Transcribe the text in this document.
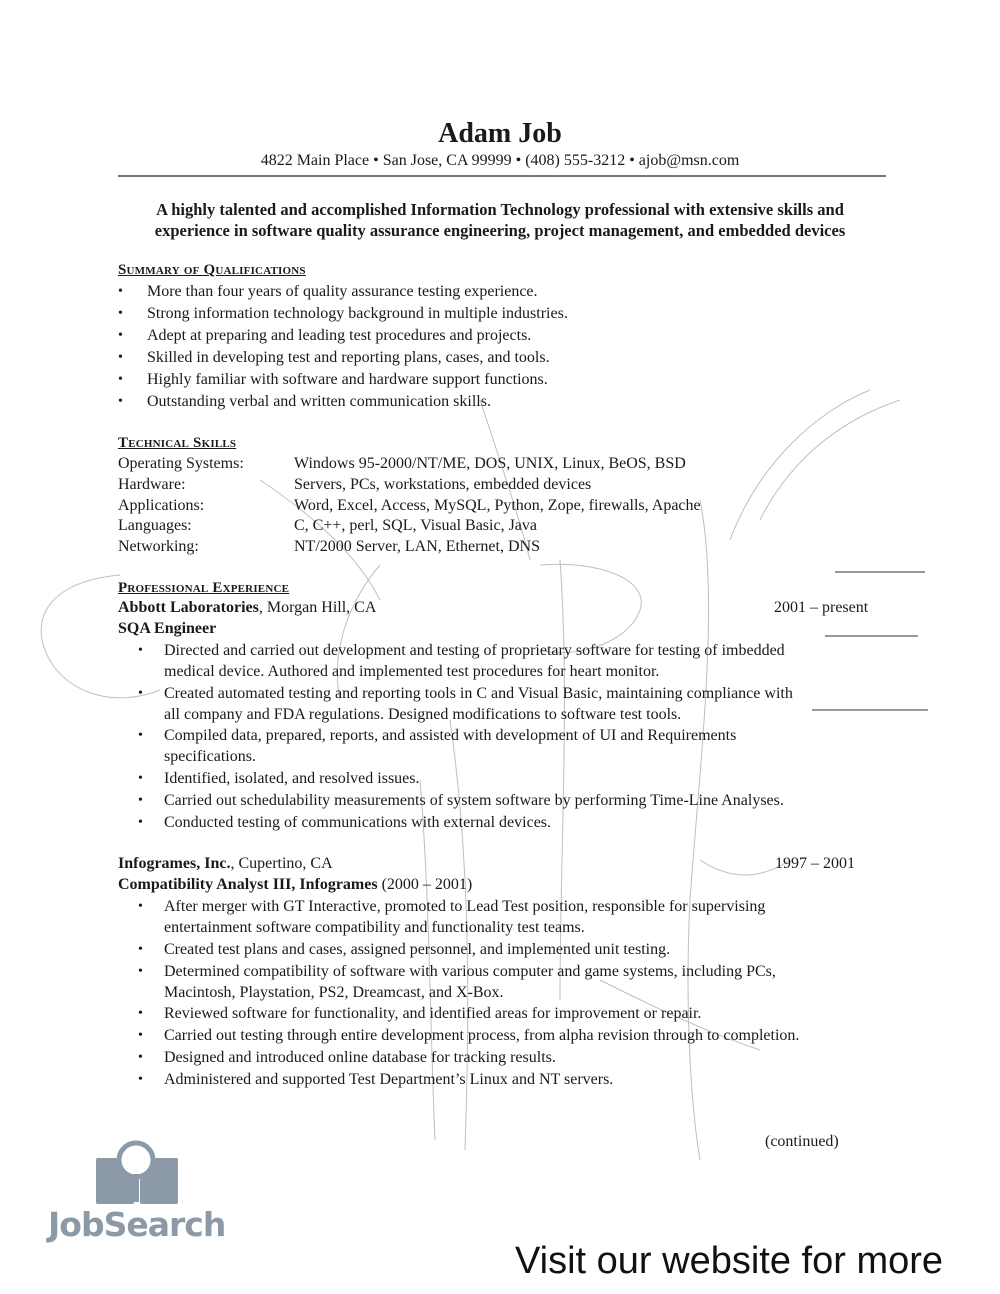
Adam Job
4822 Main Place • San Jose, CA 99999 • (408) 555-3212 • ajob@msn.com
A highly talented and accomplished Information Technology professional with extensive skills and
experience in software quality assurance engineering, project management, and embedded devices
Summary of Qualifications
• More than four years of quality assurance testing experience.
• Strong information technology background in multiple industries.
• Adept at preparing and leading test procedures and projects.
• Skilled in developing test and reporting plans, cases, and tools.
• Highly familiar with software and hardware support functions.
• Outstanding verbal and written communication skills.
Technical Skills
Operating Systems:	Windows 95-2000/NT/ME, DOS, UNIX, Linux, BeOS, BSD
Hardware:	Servers, PCs, workstations, embedded devices
Applications:	Word, Excel, Access, MySQL, Python, Zope, firewalls, Apache
Languages:	C, C++, perl, SQL, Visual Basic, Java
Networking:	NT/2000 Server, LAN, Ethernet, DNS
Professional Experience
Abbott Laboratories, Morgan Hill, CA	2001 – present
SQA Engineer
• Directed and carried out development and testing of proprietary software for testing of imbedded
medical device. Authored and implemented test procedures for heart monitor.
• Created automated testing and reporting tools in C and Visual Basic, maintaining compliance with
all company and FDA regulations. Designed modifications to software test tools.
• Compiled data, prepared, reports, and assisted with development of UI and Requirements
specifications.
• Identified, isolated, and resolved issues.
• Carried out schedulability measurements of system software by performing Time-Line Analyses.
• Conducted testing of communications with external devices.
Infogrames, Inc., Cupertino, CA	1997 – 2001
Compatibility Analyst III, Infogrames (2000 – 2001)
• After merger with GT Interactive, promoted to Lead Test position, responsible for supervising
entertainment software compatibility and functionality test teams.
• Created test plans and cases, assigned personnel, and implemented unit testing.
• Determined compatibility of software with various computer and game systems, including PCs,
Macintosh, Playstation, PS2, Dreamcast, and X-Box.
• Reviewed software for functionality, and identified areas for improvement or repair.
• Carried out testing through entire development process, from alpha revision through to completion.
• Designed and introduced online database for tracking results.
• Administered and supported Test Department’s Linux and NT servers.
(continued)
JobSearch
Visit our website for more
